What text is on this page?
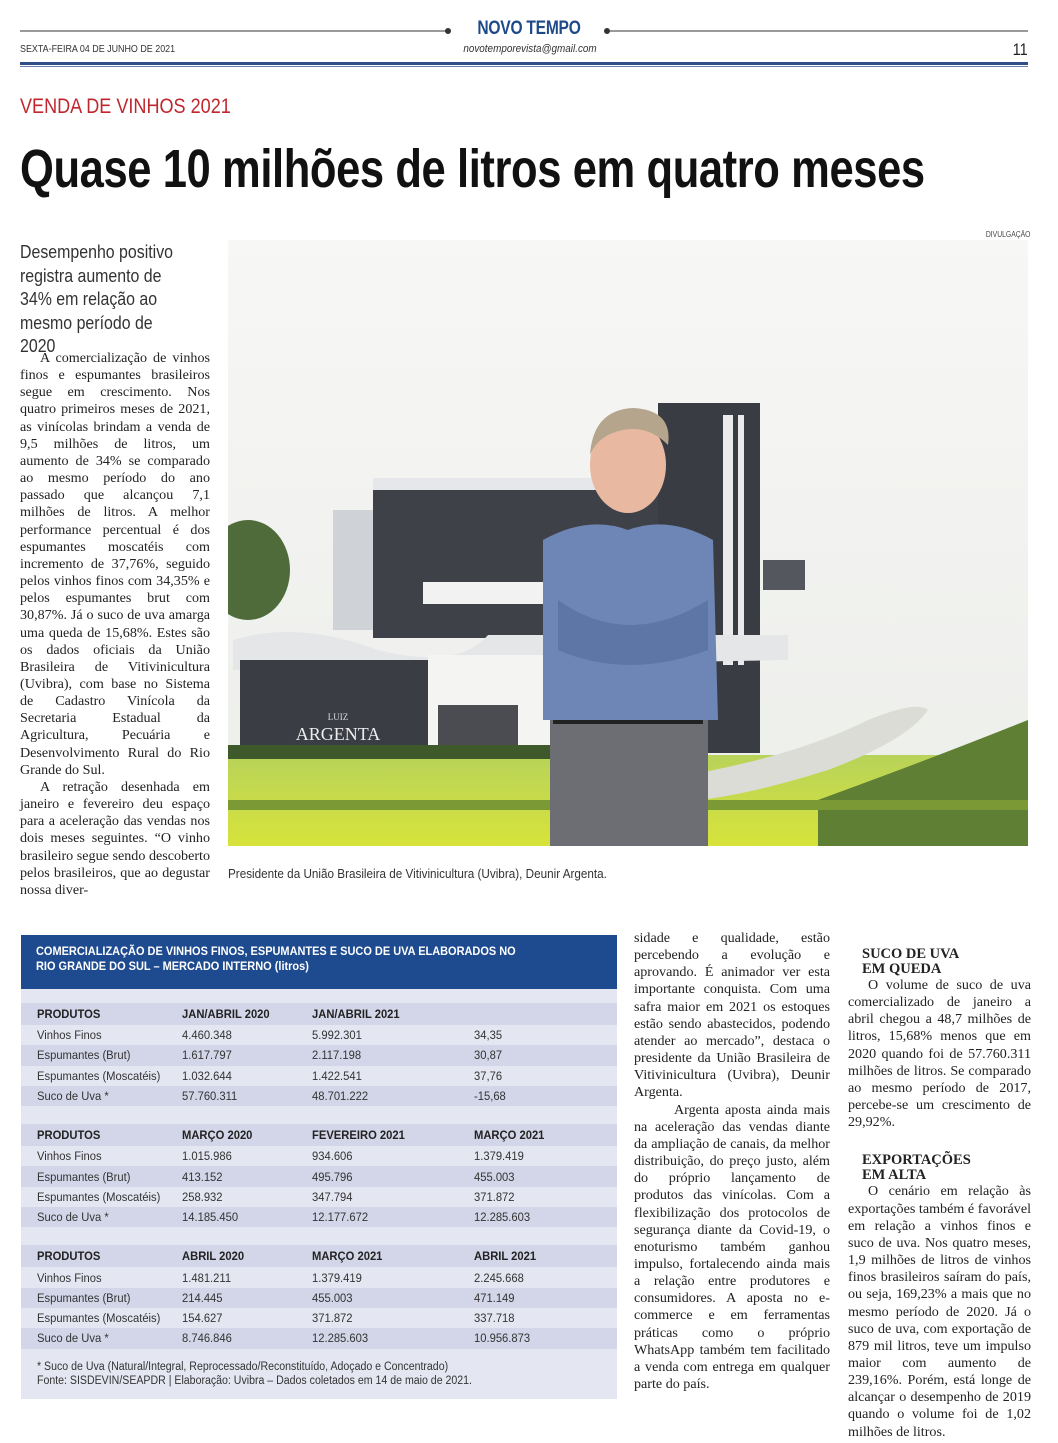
NOVO TEMPO
SEXTA-FEIRA 04 DE JUNHO DE 2021	novotemporevista@gmail.com	11
VENDA DE VINHOS 2021
Quase 10 milhões de litros em quatro meses
Desempenho positivo registra aumento de 34% em relação ao mesmo período de 2020
DIVULGAÇÃO

A comercialização de vinhos finos e espumantes brasileiros segue em crescimento. Nos quatro primeiros meses de 2021, as vinícolas brindam a venda de 9,5 milhões de litros, um aumento de 34% se comparado ao mesmo período do ano passado que alcançou 7,1 milhões de litros. A melhor performance percentual é dos espumantes moscatéis com incremento de 37,76%, seguido pelos vinhos finos com 34,35% e pelos espumantes brut com 30,87%. Já o suco de uva amarga uma queda de 15,68%. Estes são os dados oficiais da União Brasileira de Vitivinicultura (Uvibra), com base no Sistema de Cadastro Vinícola da Secretaria Estadual da Agricultura, Pecuária e Desenvolvimento Rural do Rio Grande do Sul.

A retração desenhada em janeiro e fevereiro deu espaço para a aceleração das vendas nos dois meses seguintes. “O vinho brasileiro segue sendo descoberto pelos brasileiros, que ao degustar nossa diver-

LUIZ
ARGENTA
Presidente da União Brasileira de Vitivinicultura (Uvibra), Deunir Argenta.
COMERCIALIZAÇÃO DE VINHOS FINOS, ESPUMANTES E SUCO DE UVA ELABORADOS NO
RIO GRANDE DO SUL – MERCADO INTERNO (litros)
PRODUTOS	JAN/ABRIL 2020	JAN/ABRIL 2021
Vinhos Finos	4.460.348	5.992.301	34,35
Espumantes (Brut)	1.617.797	2.117.198	30,87
Espumantes (Moscatéis)	1.032.644	1.422.541	37,76
Suco de Uva *	57.760.311	48.701.222	-15,68
PRODUTOS	MARÇO 2020	FEVEREIRO 2021	MARÇO 2021
Vinhos Finos	1.015.986	934.606	1.379.419
Espumantes (Brut)	413.152	495.796	455.003
Espumantes (Moscatéis)	258.932	347.794	371.872
Suco de Uva *	14.185.450	12.177.672	12.285.603
PRODUTOS	ABRIL 2020	MARÇO 2021	ABRIL 2021
Vinhos Finos	1.481.211	1.379.419	2.245.668
Espumantes (Brut)	214.445	455.003	471.149
Espumantes (Moscatéis)	154.627	371.872	337.718
Suco de Uva *	8.746.846	12.285.603	10.956.873
* Suco de Uva (Natural/Integral, Reprocessado/Reconstituído, Adoçado e Concentrado)
Fonte: SISDEVIN/SEAPDR | Elaboração: Uvibra – Dados coletados em 14 de maio de 2021.

sidade e qualidade, estão percebendo a evolução e aprovando. É animador ver esta importante conquista. Com uma safra maior em 2021 os estoques estão sendo abastecidos, podendo atender ao mercado”, destaca o presidente da União Brasileira de Vitivinicultura (Uvibra), Deunir Argenta.

Argenta aposta ainda mais na aceleração das vendas diante da ampliação de canais, da melhor distribuição, do preço justo, além do próprio lançamento de produtos das vinícolas. Com a flexibilização dos protocolos de segurança diante da Covid-19, o enoturismo também ganhou impulso, fortalecendo ainda mais a relação entre produtores e consumidores. A aposta no e-commerce e em ferramentas práticas como o próprio WhatsApp também tem facilitado a venda com entrega em qualquer parte do país.

SUCO DE UVA
EM QUEDA

O volume de suco de uva comercializado de janeiro a abril chegou a 48,7 milhões de litros, 15,68% menos que em 2020 quando foi de 57.760.311 milhões de litros. Se comparado ao mesmo período de 2017, percebe-se um crescimento de 29,92%.

EXPORTAÇÕES
EM ALTA

O cenário em relação às exportações também é favorável em relação a vinhos finos e suco de uva. Nos quatro meses, 1,9 milhões de litros de vinhos finos brasileiros saíram do país, ou seja, 169,23% a mais que no mesmo período de 2020. Já o suco de uva, com exportação de 879 mil litros, teve um impulso maior com aumento de 239,16%. Porém, está longe de alcançar o desempenho de 2019 quando o volume foi de 1,02 milhões de litros.
